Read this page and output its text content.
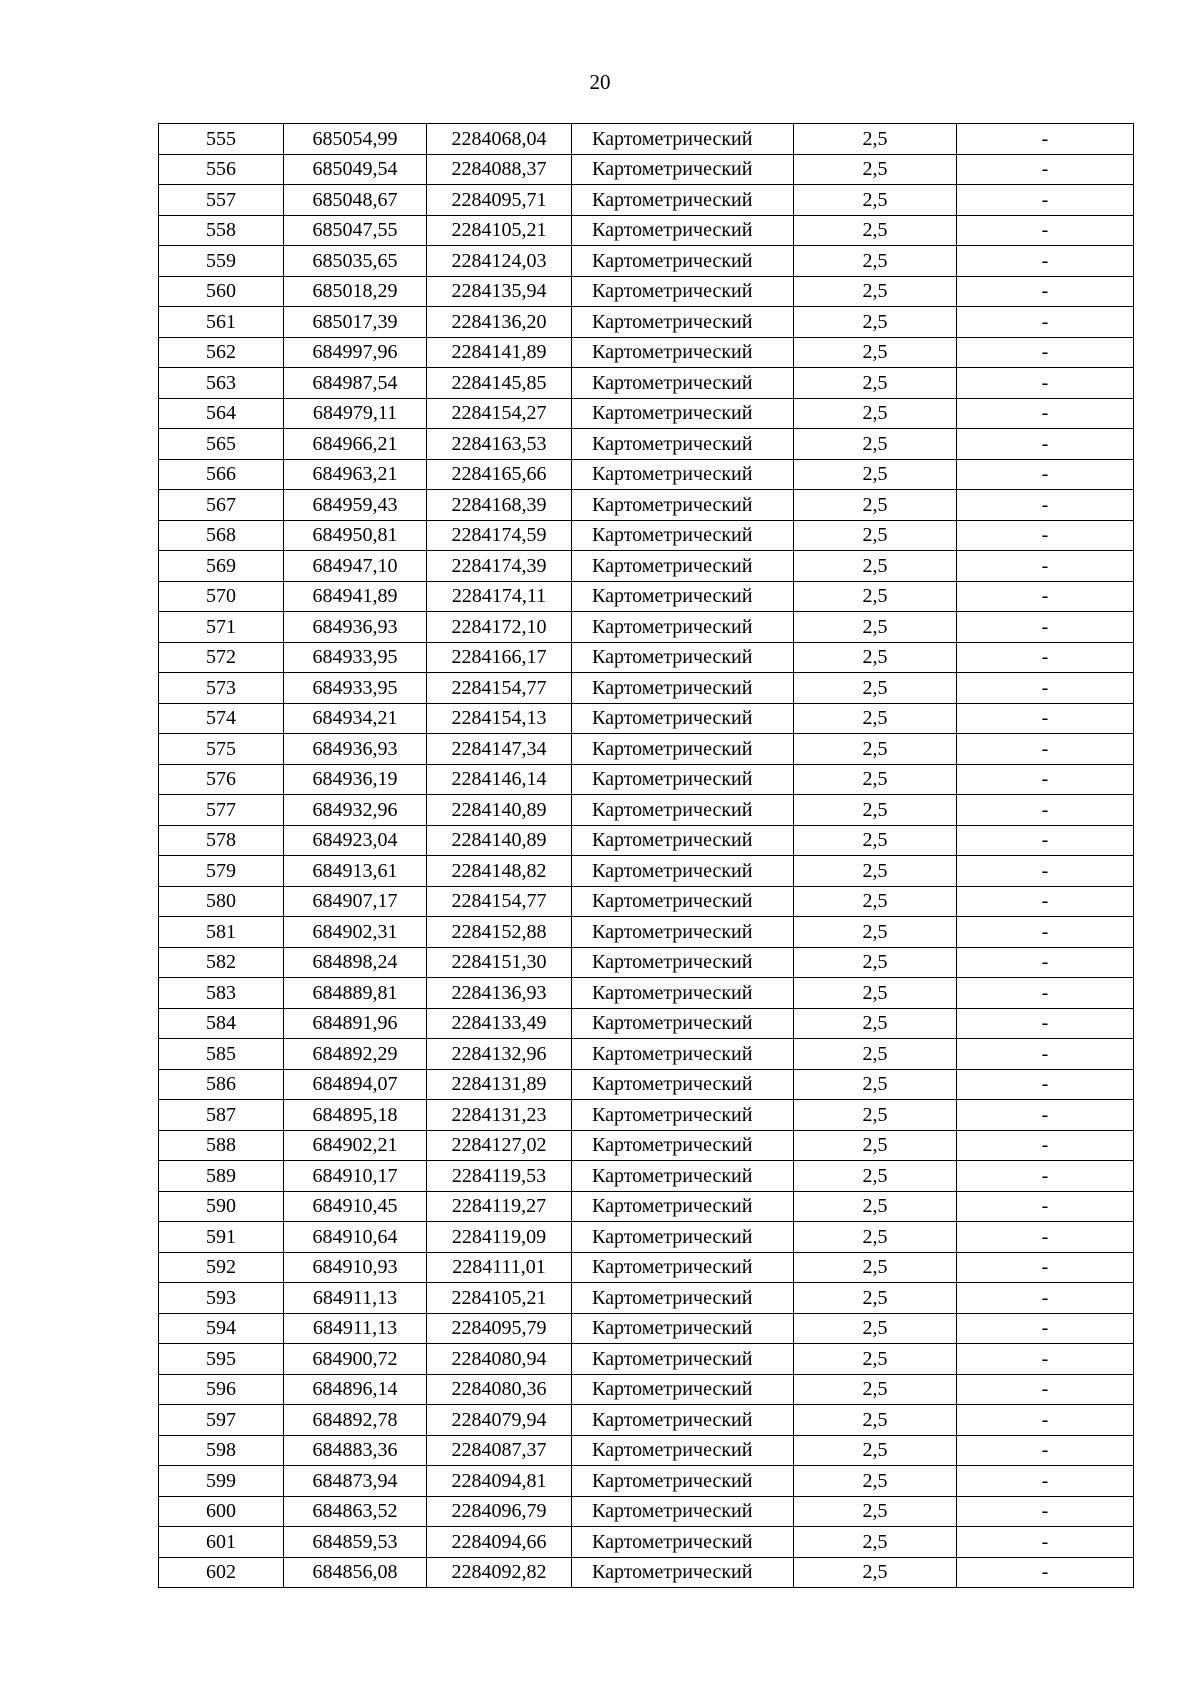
20
555	685054,99	2284068,04	Картометрический	2,5	-
556	685049,54	2284088,37	Картометрический	2,5	-
557	685048,67	2284095,71	Картометрический	2,5	-
558	685047,55	2284105,21	Картометрический	2,5	-
559	685035,65	2284124,03	Картометрический	2,5	-
560	685018,29	2284135,94	Картометрический	2,5	-
561	685017,39	2284136,20	Картометрический	2,5	-
562	684997,96	2284141,89	Картометрический	2,5	-
563	684987,54	2284145,85	Картометрический	2,5	-
564	684979,11	2284154,27	Картометрический	2,5	-
565	684966,21	2284163,53	Картометрический	2,5	-
566	684963,21	2284165,66	Картометрический	2,5	-
567	684959,43	2284168,39	Картометрический	2,5	-
568	684950,81	2284174,59	Картометрический	2,5	-
569	684947,10	2284174,39	Картометрический	2,5	-
570	684941,89	2284174,11	Картометрический	2,5	-
571	684936,93	2284172,10	Картометрический	2,5	-
572	684933,95	2284166,17	Картометрический	2,5	-
573	684933,95	2284154,77	Картометрический	2,5	-
574	684934,21	2284154,13	Картометрический	2,5	-
575	684936,93	2284147,34	Картометрический	2,5	-
576	684936,19	2284146,14	Картометрический	2,5	-
577	684932,96	2284140,89	Картометрический	2,5	-
578	684923,04	2284140,89	Картометрический	2,5	-
579	684913,61	2284148,82	Картометрический	2,5	-
580	684907,17	2284154,77	Картометрический	2,5	-
581	684902,31	2284152,88	Картометрический	2,5	-
582	684898,24	2284151,30	Картометрический	2,5	-
583	684889,81	2284136,93	Картометрический	2,5	-
584	684891,96	2284133,49	Картометрический	2,5	-
585	684892,29	2284132,96	Картометрический	2,5	-
586	684894,07	2284131,89	Картометрический	2,5	-
587	684895,18	2284131,23	Картометрический	2,5	-
588	684902,21	2284127,02	Картометрический	2,5	-
589	684910,17	2284119,53	Картометрический	2,5	-
590	684910,45	2284119,27	Картометрический	2,5	-
591	684910,64	2284119,09	Картометрический	2,5	-
592	684910,93	2284111,01	Картометрический	2,5	-
593	684911,13	2284105,21	Картометрический	2,5	-
594	684911,13	2284095,79	Картометрический	2,5	-
595	684900,72	2284080,94	Картометрический	2,5	-
596	684896,14	2284080,36	Картометрический	2,5	-
597	684892,78	2284079,94	Картометрический	2,5	-
598	684883,36	2284087,37	Картометрический	2,5	-
599	684873,94	2284094,81	Картометрический	2,5	-
600	684863,52	2284096,79	Картометрический	2,5	-
601	684859,53	2284094,66	Картометрический	2,5	-
602	684856,08	2284092,82	Картометрический	2,5	-
